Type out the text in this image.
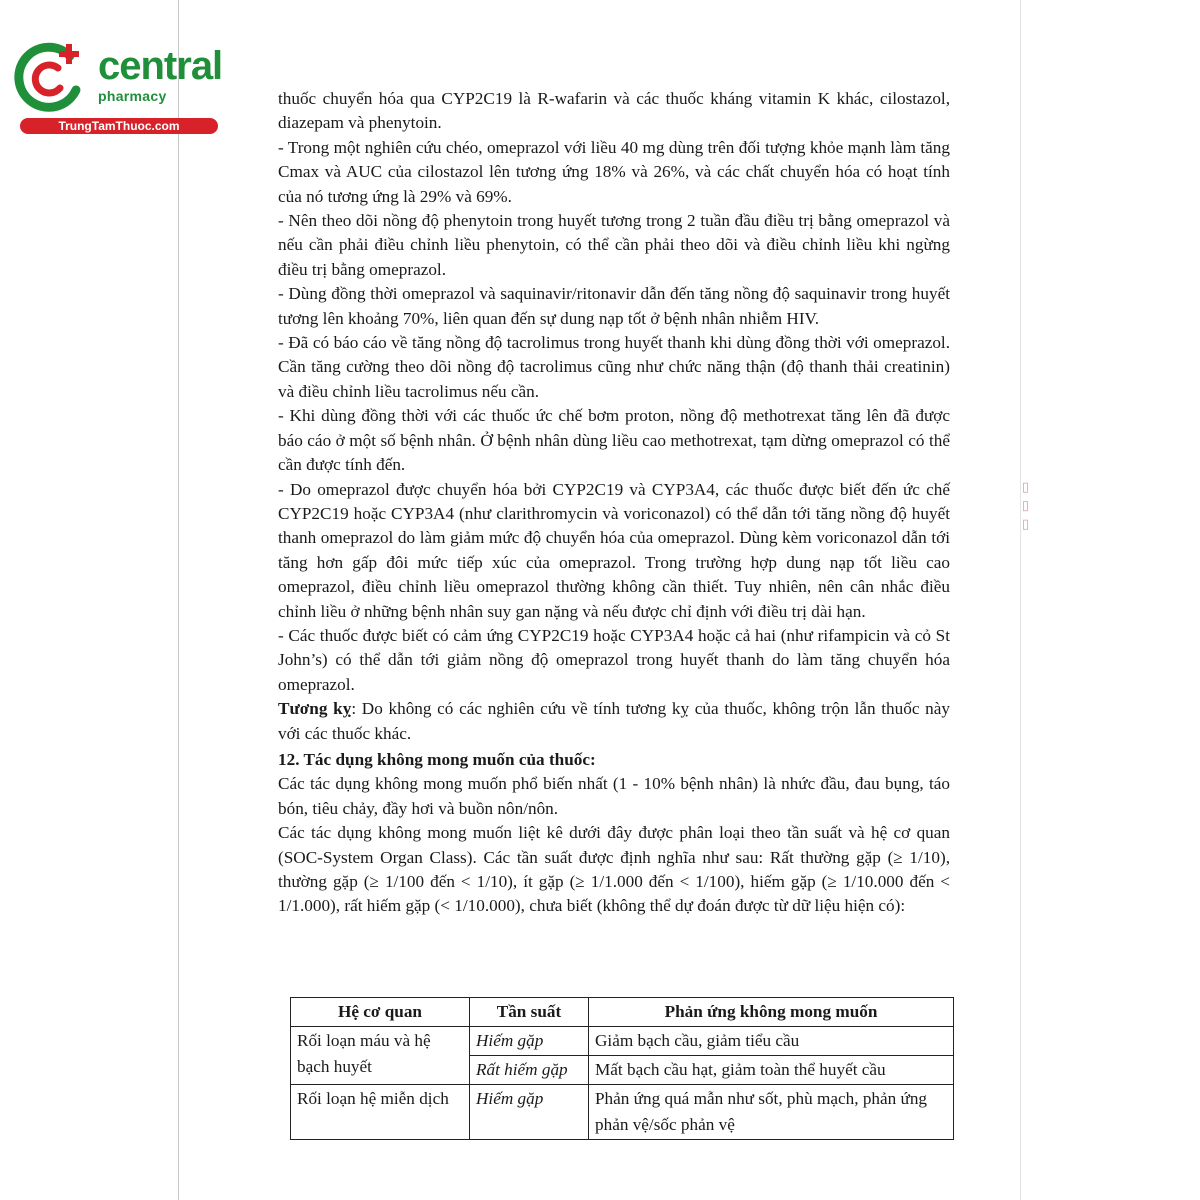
central
pharmacy
TrungTamThuoc.com
▯ ▯ ▯

thuốc chuyển hóa qua CYP2C19 là R-wafarin và các thuốc kháng vitamin K khác, cilostazol, diazepam và phenytoin.

- Trong một nghiên cứu chéo, omeprazol với liều 40 mg dùng trên đối tượng khỏe mạnh làm tăng Cmax và AUC của cilostazol lên tương ứng 18% và 26%, và các chất chuyển hóa có hoạt tính của nó tương ứng là 29% và 69%.

- Nên theo dõi nồng độ phenytoin trong huyết tương trong 2 tuần đầu điều trị bằng omeprazol và nếu cần phải điều chỉnh liều phenytoin, có thể cần phải theo dõi và điều chỉnh liều khi ngừng điều trị bằng omeprazol.

- Dùng đồng thời omeprazol và saquinavir/ritonavir dẫn đến tăng nồng độ saquinavir trong huyết tương lên khoảng 70%, liên quan đến sự dung nạp tốt ở bệnh nhân nhiễm HIV.

- Đã có báo cáo về tăng nồng độ tacrolimus trong huyết thanh khi dùng đồng thời với omeprazol. Cần tăng cường theo dõi nồng độ tacrolimus cũng như chức năng thận (độ thanh thải creatinin) và điều chỉnh liều tacrolimus nếu cần.

- Khi dùng đồng thời với các thuốc ức chế bơm proton, nồng độ methotrexat tăng lên đã được báo cáo ở một số bệnh nhân. Ở bệnh nhân dùng liều cao methotrexat, tạm dừng omeprazol có thể cần được tính đến.

- Do omeprazol được chuyển hóa bởi CYP2C19 và CYP3A4, các thuốc được biết đến ức chế CYP2C19 hoặc CYP3A4 (như clarithromycin và voriconazol) có thể dẫn tới tăng nồng độ huyết thanh omeprazol do làm giảm mức độ chuyển hóa của omeprazol. Dùng kèm voriconazol dẫn tới tăng hơn gấp đôi mức tiếp xúc của omeprazol. Trong trường hợp dung nạp tốt liều cao omeprazol, điều chỉnh liều omeprazol thường không cần thiết. Tuy nhiên, nên cân nhắc điều chỉnh liều ở những bệnh nhân suy gan nặng và nếu được chỉ định với điều trị dài hạn.

- Các thuốc được biết có cảm ứng CYP2C19 hoặc CYP3A4 hoặc cả hai (như rifampicin và cỏ St John’s) có thể dẫn tới giảm nồng độ omeprazol trong huyết thanh do làm tăng chuyển hóa omeprazol.

Tương kỵ: Do không có các nghiên cứu về tính tương kỵ của thuốc, không trộn lẫn thuốc này với các thuốc khác.

12. Tác dụng không mong muốn của thuốc:

Các tác dụng không mong muốn phổ biến nhất (1 - 10% bệnh nhân) là nhức đầu, đau bụng, táo bón, tiêu chảy, đầy hơi và buồn nôn/nôn.

Các tác dụng không mong muốn liệt kê dưới đây được phân loại theo tần suất và hệ cơ quan (SOC-System Organ Class). Các tần suất được định nghĩa như sau: Rất thường gặp (≥ 1/10), thường gặp (≥ 1/100 đến < 1/10), ít gặp (≥ 1/1.000 đến < 1/100), hiếm gặp (≥ 1/10.000 đến < 1/1.000), rất hiếm gặp (< 1/10.000), chưa biết (không thể dự đoán được từ dữ liệu hiện có):

Hệ cơ quan	Tần suất	Phản ứng không mong muốn
Rối loạn máu và hệ bạch huyết	Hiếm gặp	Giảm bạch cầu, giảm tiểu cầu
	Rất hiếm gặp	Mất bạch cầu hạt, giảm toàn thể huyết cầu
Rối loạn hệ miễn dịch	Hiếm gặp	Phản ứng quá mẫn như sốt, phù mạch, phản ứng phản vệ/sốc phản vệ
